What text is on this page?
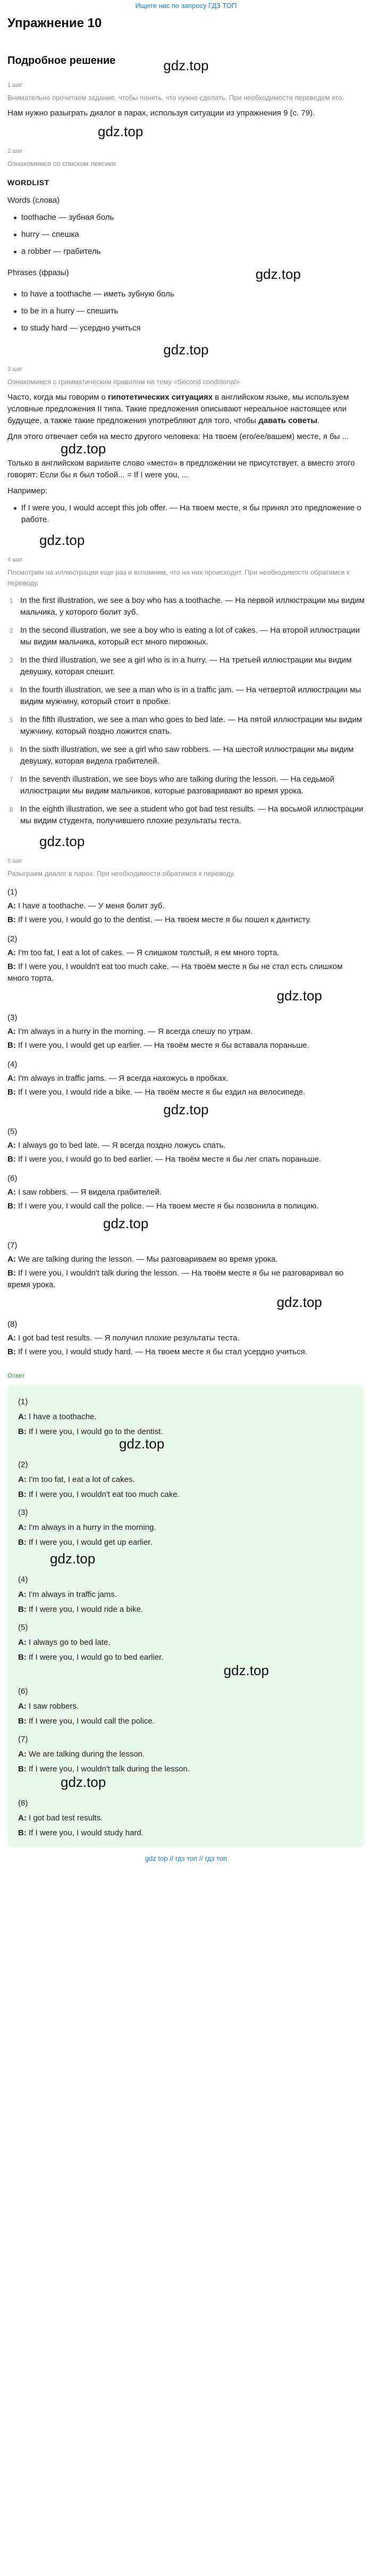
Ищите нас по запросу ГДЗ ТОП
Упражнение 10
Подробное решение	gdz.top
1 шаг
Внимательно прочитаем задание, чтобы понять, что нужно сделать. При необходимости переведем его.

Нам нужно разыграть диалог в парах, используя ситуации из упражнения 9 (с. 79).

gdz.top
2 шаг
Ознакомимся со списком лексики
WORDLIST
Words (слова)
toothache — зубная боль
hurry — спешка
a robber — грабитель
Phrases (фразы)	gdz.top
to have a toothache — иметь зубную боль
to be in a hurry — спешить
to study hard — усердно учиться
gdz.top
3 шаг
Ознакомимся с грамматическим правилом на тему «Second conditional»

Часто, когда мы говорим о гипотетических ситуациях в английском языке, мы используем условные предложения II типа. Такие предложения описывают нереальное настоящее или будущее, а также такие предложения употребляют для того, чтобы давать советы.

Для этого отвечает себя на место другого человека: На твоем (его/ее/вашем) месте, я бы ...

gdz.top

Только в английском варианте слово «место» в предложении не присутствует, а вместо этого говорят: Если бы я был тобой... = If I were you, ...

Например:

If I were you, I would accept this job offer. — На твоем месте, я бы принял это предложение о работе.
gdz.top
4 шаг
Посмотрим на иллюстрации еще раз и вспомним, что на них происходит. При необходимости обратимся к переводу.
1 In the first illustration, we see a boy who has a toothache. — На первой иллюстрации мы видим мальчика, у которого болит зуб.
2 In the second illustration, we see a boy who is eating a lot of cakes. — На второй иллюстрации мы видим мальчика, который ест много пирожных.
3 In the third illustration, we see a girl who is in a hurry. — На третьей иллюстрации мы видим девушку, которая спешит.
4 In the fourth illustration, we see a man who is in a traffic jam. — На четвертой иллюстрации мы видим мужчину, который стоит в пробке.
5 In the fifth illustration, we see a man who goes to bed late. — На пятой иллюстрации мы видим мужчину, который поздно ложится спать.
6 In the sixth illustration, we see a girl who saw robbers. — На шестой иллюстрации мы видим девушку, которая видела грабителей.
7 In the seventh illustration, we see boys who are talking during the lesson. — На седьмой иллюстрации мы видим мальчиков, которые разговаривают во время урока.
8 In the eighth illustration, we see a student who got bad test results. — На восьмой иллюстрации мы видим студента, получившего плохие результаты теста.
gdz.top
5 шаг
Разыграем диалог в парах. При необходимости обратимся к переводу.
(1)
A: I have a toothache. — У меня болит зуб.
B: If I were you, I would go to the dentist. — На твоем месте я бы пошел к дантисту.
(2)
A: I'm too fat, I eat a lot of cakes. — Я слишком толстый, я ем много торта.
B: If I were you, I wouldn't eat too much cake. — На твоём месте я бы не стал есть слишком много торта.
gdz.top
(3)
A: I'm always in a hurry in the morning. — Я всегда спешу по утрам.
B: If I were you, I would get up earlier. — На твоём месте я бы вставала пораньше.
(4)
A: I'm always in traffic jams. — Я всегда нахожусь в пробках.
B: If I were you, I would ride a bike. — На твоём месте я бы ездил на велосипеде.
gdz.top
(5)
A: I always go to bed late. — Я всегда поздно ложусь спать.
B: If I were you, I would go to bed earlier. — На твоём месте я бы лег спать пораньше.
(6)
A: I saw robbers. — Я видела грабителей.
B: If I were you, I would call the police. — На твоем месте я бы позвонила в полицию.
gdz.top
(7)
A: We are talking during the lesson. — Мы разговариваем во время урока.
B: If I were you, I wouldn't talk during the lesson. — На твоём месте я бы не разговаривал во время урока.
gdz.top
(8)
A: I got bad test results. — Я получил плохие результаты теста.
B: If I were you, I would study hard. — На твоем месте я бы стал усердно учиться.
Ответ
(1)
A: I have a toothache.
B: If I were you, I would go to the dentist.
gdz.top
(2)
A: I'm too fat, I eat a lot of cakes.
B: If I were you, I wouldn't eat too much cake.
(3)
A: I'm always in a hurry in the morning.
B: If I were you, I would get up earlier.
gdz.top
(4)
A: I'm always in traffic jams.
B: If I were you, I would ride a bike.
(5)
A: I always go to bed late.
B: If I were you, I would go to bed earlier.
gdz.top
(6)
A: I saw robbers.
B: If I were you, I would call the police.
(7)
A: We are talking during the lesson.
B: If I were you, I wouldn't talk during the lesson.
gdz.top
(8)
A: I got bad test results.
B: If I were you, I would study hard.
gdz top // гдз топ // гдз топ
